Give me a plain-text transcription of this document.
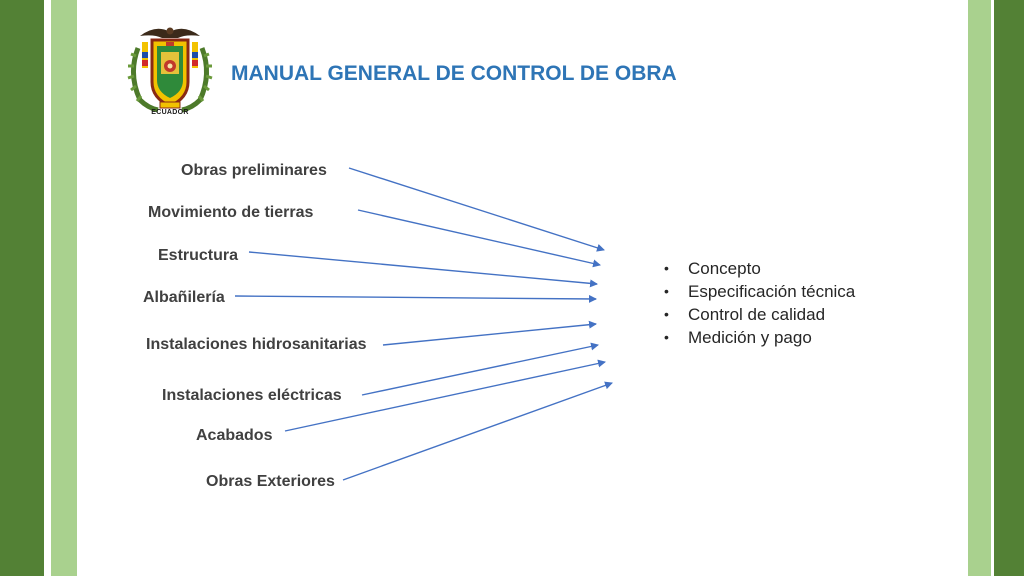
ECUADOR
MANUAL GENERAL DE CONTROL DE OBRA
Obras preliminares
Movimiento de tierras
Estructura
Albañilería
Instalaciones hidrosanitarias
Instalaciones eléctricas
Acabados
Obras Exteriores
• Concepto
• Especificación técnica
• Control de calidad
• Medición y pago
